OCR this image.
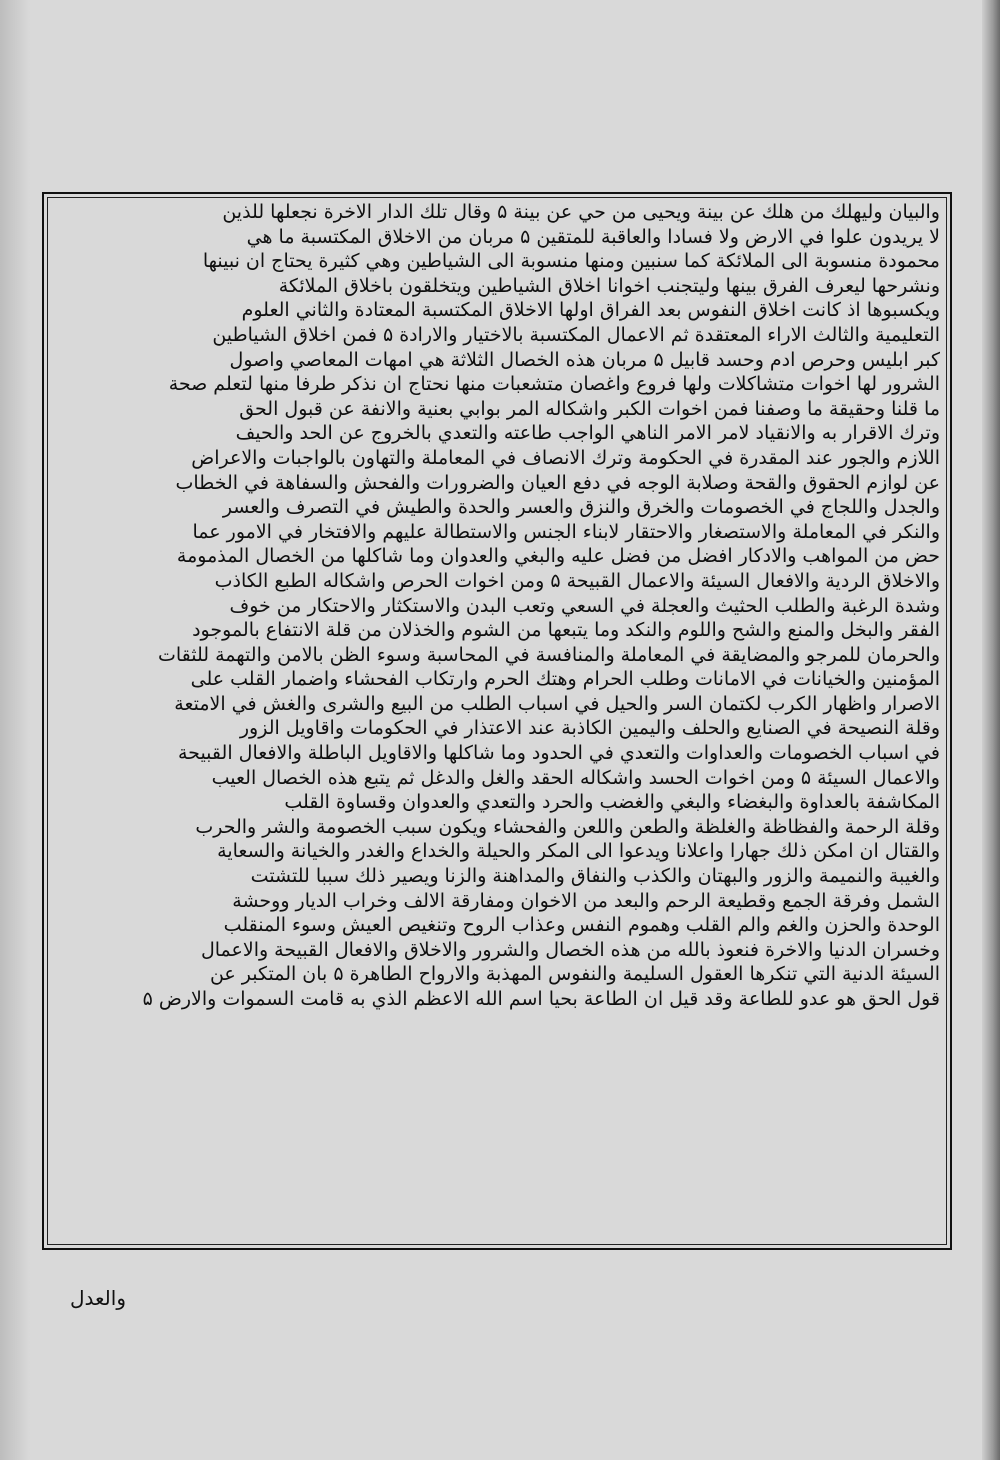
والبيان وليهلك من هلك عن بينة ويحيى من حي عن بينة ۵ وقال تلك الدار الاخرة نجعلها للذين
لا يريدون علوا في الارض ولا فسادا والعاقبة للمتقين ۵ مربان من الاخلاق المكتسبة ما هي
محمودة منسوبة الى الملائكة كما سنبين ومنها منسوبة الى الشياطين وهي كثيرة يحتاج ان نبينها
ونشرحها ليعرف الفرق بينها وليتجنب اخوانا اخلاق الشياطين ويتخلقون باخلاق الملائكة
ويكسبوها اذ كانت اخلاق النفوس بعد الفراق اولها الاخلاق المكتسبة المعتادة والثاني العلوم
التعليمية والثالث الاراء المعتقدة ثم الاعمال المكتسبة بالاختيار والارادة ۵ فمن اخلاق الشياطين
كبر ابليس وحرص ادم وحسد قابيل ۵ مربان هذه الخصال الثلاثة هي امهات المعاصي واصول
الشرور لها اخوات متشاكلات ولها فروع واغصان متشعبات منها نحتاج ان نذكر طرفا منها لتعلم صحة
ما قلنا وحقيقة ما وصفنا فمن اخوات الكبر واشكاله المر بوابي بعنية والانفة عن قبول الحق
وترك الاقرار به والانقياد لامر الامر الناهي الواجب طاعته والتعدي بالخروج عن الحد والحيف
اللازم والجور عند المقدرة في الحكومة وترك الانصاف في المعاملة والتهاون بالواجبات والاعراض
عن لوازم الحقوق والقحة وصلابة الوجه في دفع العيان والضرورات والفحش والسفاهة في الخطاب
والجدل واللجاج في الخصومات والخرق والنزق والعسر والحدة والطيش في التصرف والعسر
والنكر في المعاملة والاستصغار والاحتقار لابناء الجنس والاستطالة عليهم والافتخار في الامور عما
حض من المواهب والادكار افضل من فضل عليه والبغي والعدوان وما شاكلها من الخصال المذمومة
والاخلاق الردية والافعال السيئة والاعمال القبيحة ۵ ومن اخوات الحرص واشكاله الطبع الكاذب
وشدة الرغبة والطلب الحثيث والعجلة في السعي وتعب البدن والاستكثار والاحتكار من خوف
الفقر والبخل والمنع والشح واللوم والنكد وما يتبعها من الشوم والخذلان من قلة الانتفاع بالموجود
والحرمان للمرجو والمضايقة في المعاملة والمنافسة في المحاسبة وسوء الظن بالامن والتهمة للثقات
المؤمنين والخيانات في الامانات وطلب الحرام وهتك الحرم وارتكاب الفحشاء واضمار القلب على
الاصرار واظهار الكرب لكتمان السر والحيل في اسباب الطلب من البيع والشرى والغش في الامتعة
وقلة النصيحة في الصنايع والحلف واليمين الكاذبة عند الاعتذار في الحكومات واقاويل الزور
في اسباب الخصومات والعداوات والتعدي في الحدود وما شاكلها والاقاويل الباطلة والافعال القبيحة
والاعمال السيئة ۵ ومن اخوات الحسد واشكاله الحقد والغل والدغل ثم يتبع هذه الخصال العيب
المكاشفة بالعداوة والبغضاء والبغي والغضب والحرد والتعدي والعدوان وقساوة القلب
وقلة الرحمة والفظاظة والغلظة والطعن واللعن والفحشاء ويكون سبب الخصومة والشر والحرب
والقتال ان امكن ذلك جهارا واعلانا ويدعوا الى المكر والحيلة والخداع والغدر والخيانة والسعاية
والغيبة والنميمة والزور والبهتان والكذب والنفاق والمداهنة والزنا ويصير ذلك سببا للتشتت
الشمل وفرقة الجمع وقطيعة الرحم والبعد من الاخوان ومفارقة الالف وخراب الديار ووحشة
الوحدة والحزن والغم والم القلب وهموم النفس وعذاب الروح وتنغيص العيش وسوء المنقلب
وخسران الدنيا والاخرة فنعوذ بالله من هذه الخصال والشرور والاخلاق والافعال القبيحة والاعمال
السيئة الدنية التي تنكرها العقول السليمة والنفوس المهذبة والارواح الطاهرة ۵ بان المتكبر عن
قول الحق هو عدو للطاعة وقد قيل ان الطاعة بحيا اسم الله الاعظم الذي به قامت السموات والارض ۵
والعدل
